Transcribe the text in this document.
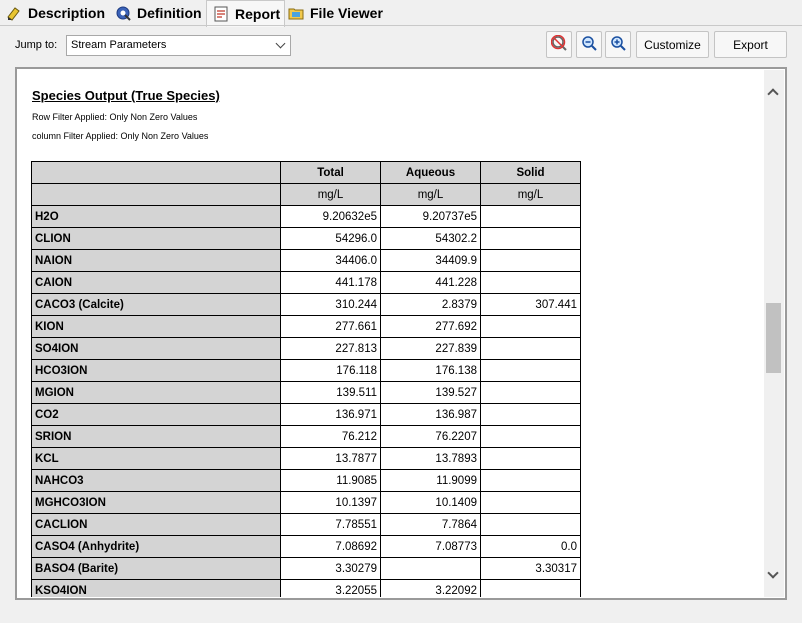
Description Definition Report File Viewer
Jump to:	Stream Parameters	Customize	Export
Species Output (True Species)
Row Filter Applied: Only Non Zero Values
column Filter Applied: Only Non Zero Values
	Total	Aqueous	Solid
	mg/L	mg/L	mg/L
H2O	9.20632e5	9.20737e5	
CLION	54296.0	54302.2	
NAION	34406.0	34409.9	
CAION	441.178	441.228	
CACO3 (Calcite)	310.244	2.8379	307.441
KION	277.661	277.692	
SO4ION	227.813	227.839	
HCO3ION	176.118	176.138	
MGION	139.511	139.527	
CO2	136.971	136.987	
SRION	76.212	76.2207	
KCL	13.7877	13.7893	
NAHCO3	11.9085	11.9099	
MGHCO3ION	10.1397	10.1409	
CACLION	7.78551	7.7864	
CASO4 (Anhydrite)	7.08692	7.08773	0.0
BASO4 (Barite)	3.30279		3.30317
KSO4ION	3.22055	3.22092	
